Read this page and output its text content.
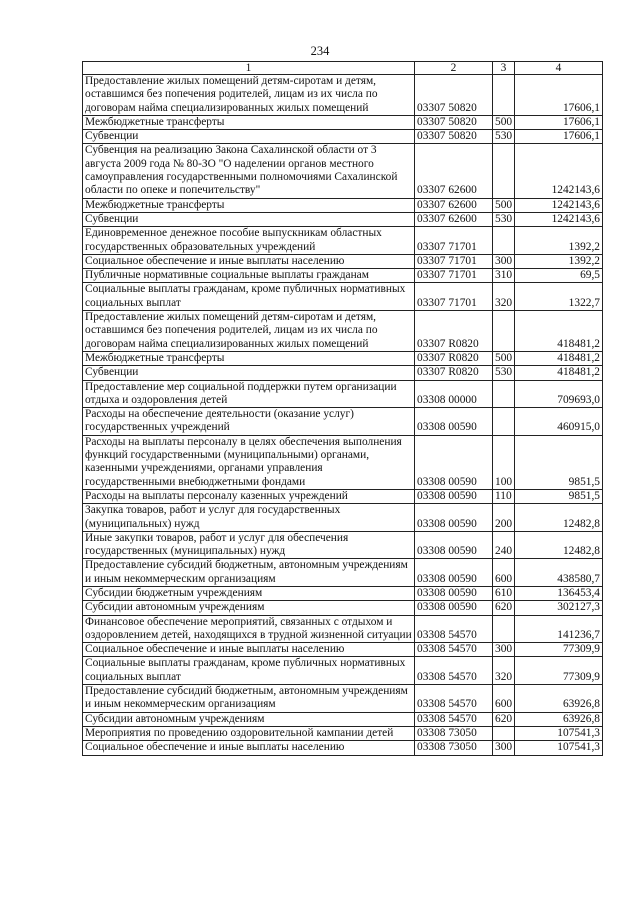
234
1	2	3	4
Предоставление жилых помещений детям-сиротам и детям, оставшимся без попечения родителей, лицам из их числа по договорам найма специализированных жилых помещений	03307 50820		17606,1
Межбюджетные трансферты	03307 50820	500	17606,1
Субвенции	03307 50820	530	17606,1
Субвенция на реализацию Закона Сахалинской области от 3 августа 2009 года № 80-ЗО "О наделении органов местного самоуправления государственными полномочиями Сахалинской области по опеке и попечительству"	03307 62600		1242143,6
Межбюджетные трансферты	03307 62600	500	1242143,6
Субвенции	03307 62600	530	1242143,6
Единовременное денежное пособие выпускникам областных государственных образовательных учреждений	03307 71701		1392,2
Социальное обеспечение и иные выплаты населению	03307 71701	300	1392,2
Публичные нормативные социальные выплаты гражданам	03307 71701	310	69,5
Социальные выплаты гражданам, кроме публичных нормативных социальных выплат	03307 71701	320	1322,7
Предоставление жилых помещений детям-сиротам и детям, оставшимся без попечения родителей, лицам из их числа по договорам найма специализированных жилых помещений	03307 R0820		418481,2
Межбюджетные трансферты	03307 R0820	500	418481,2
Субвенции	03307 R0820	530	418481,2
Предоставление мер социальной поддержки путем организации отдыха и оздоровления детей	03308 00000		709693,0
Расходы на обеспечение деятельности (оказание услуг) государственных учреждений	03308 00590		460915,0
Расходы на выплаты персоналу в целях обеспечения выполнения функций государственными (муниципальными) органами, казенными учреждениями, органами управления государственными внебюджетными фондами	03308 00590	100	9851,5
Расходы на выплаты персоналу казенных учреждений	03308 00590	110	9851,5
Закупка товаров, работ и услуг для государственных (муниципальных) нужд	03308 00590	200	12482,8
Иные закупки товаров, работ и услуг для обеспечения государственных (муниципальных) нужд	03308 00590	240	12482,8
Предоставление субсидий бюджетным, автономным учреждениям и иным некоммерческим организациям	03308 00590	600	438580,7
Субсидии бюджетным учреждениям	03308 00590	610	136453,4
Субсидии автономным учреждениям	03308 00590	620	302127,3
Финансовое обеспечение мероприятий, связанных с отдыхом и оздоровлением детей, находящихся в трудной жизненной ситуации	03308 54570		141236,7
Социальное обеспечение и иные выплаты населению	03308 54570	300	77309,9
Социальные выплаты гражданам, кроме публичных нормативных социальных выплат	03308 54570	320	77309,9
Предоставление субсидий бюджетным, автономным учреждениям и иным некоммерческим организациям	03308 54570	600	63926,8
Субсидии автономным учреждениям	03308 54570	620	63926,8
Мероприятия по проведению оздоровительной кампании детей	03308 73050		107541,3
Социальное обеспечение и иные выплаты населению	03308 73050	300	107541,3
